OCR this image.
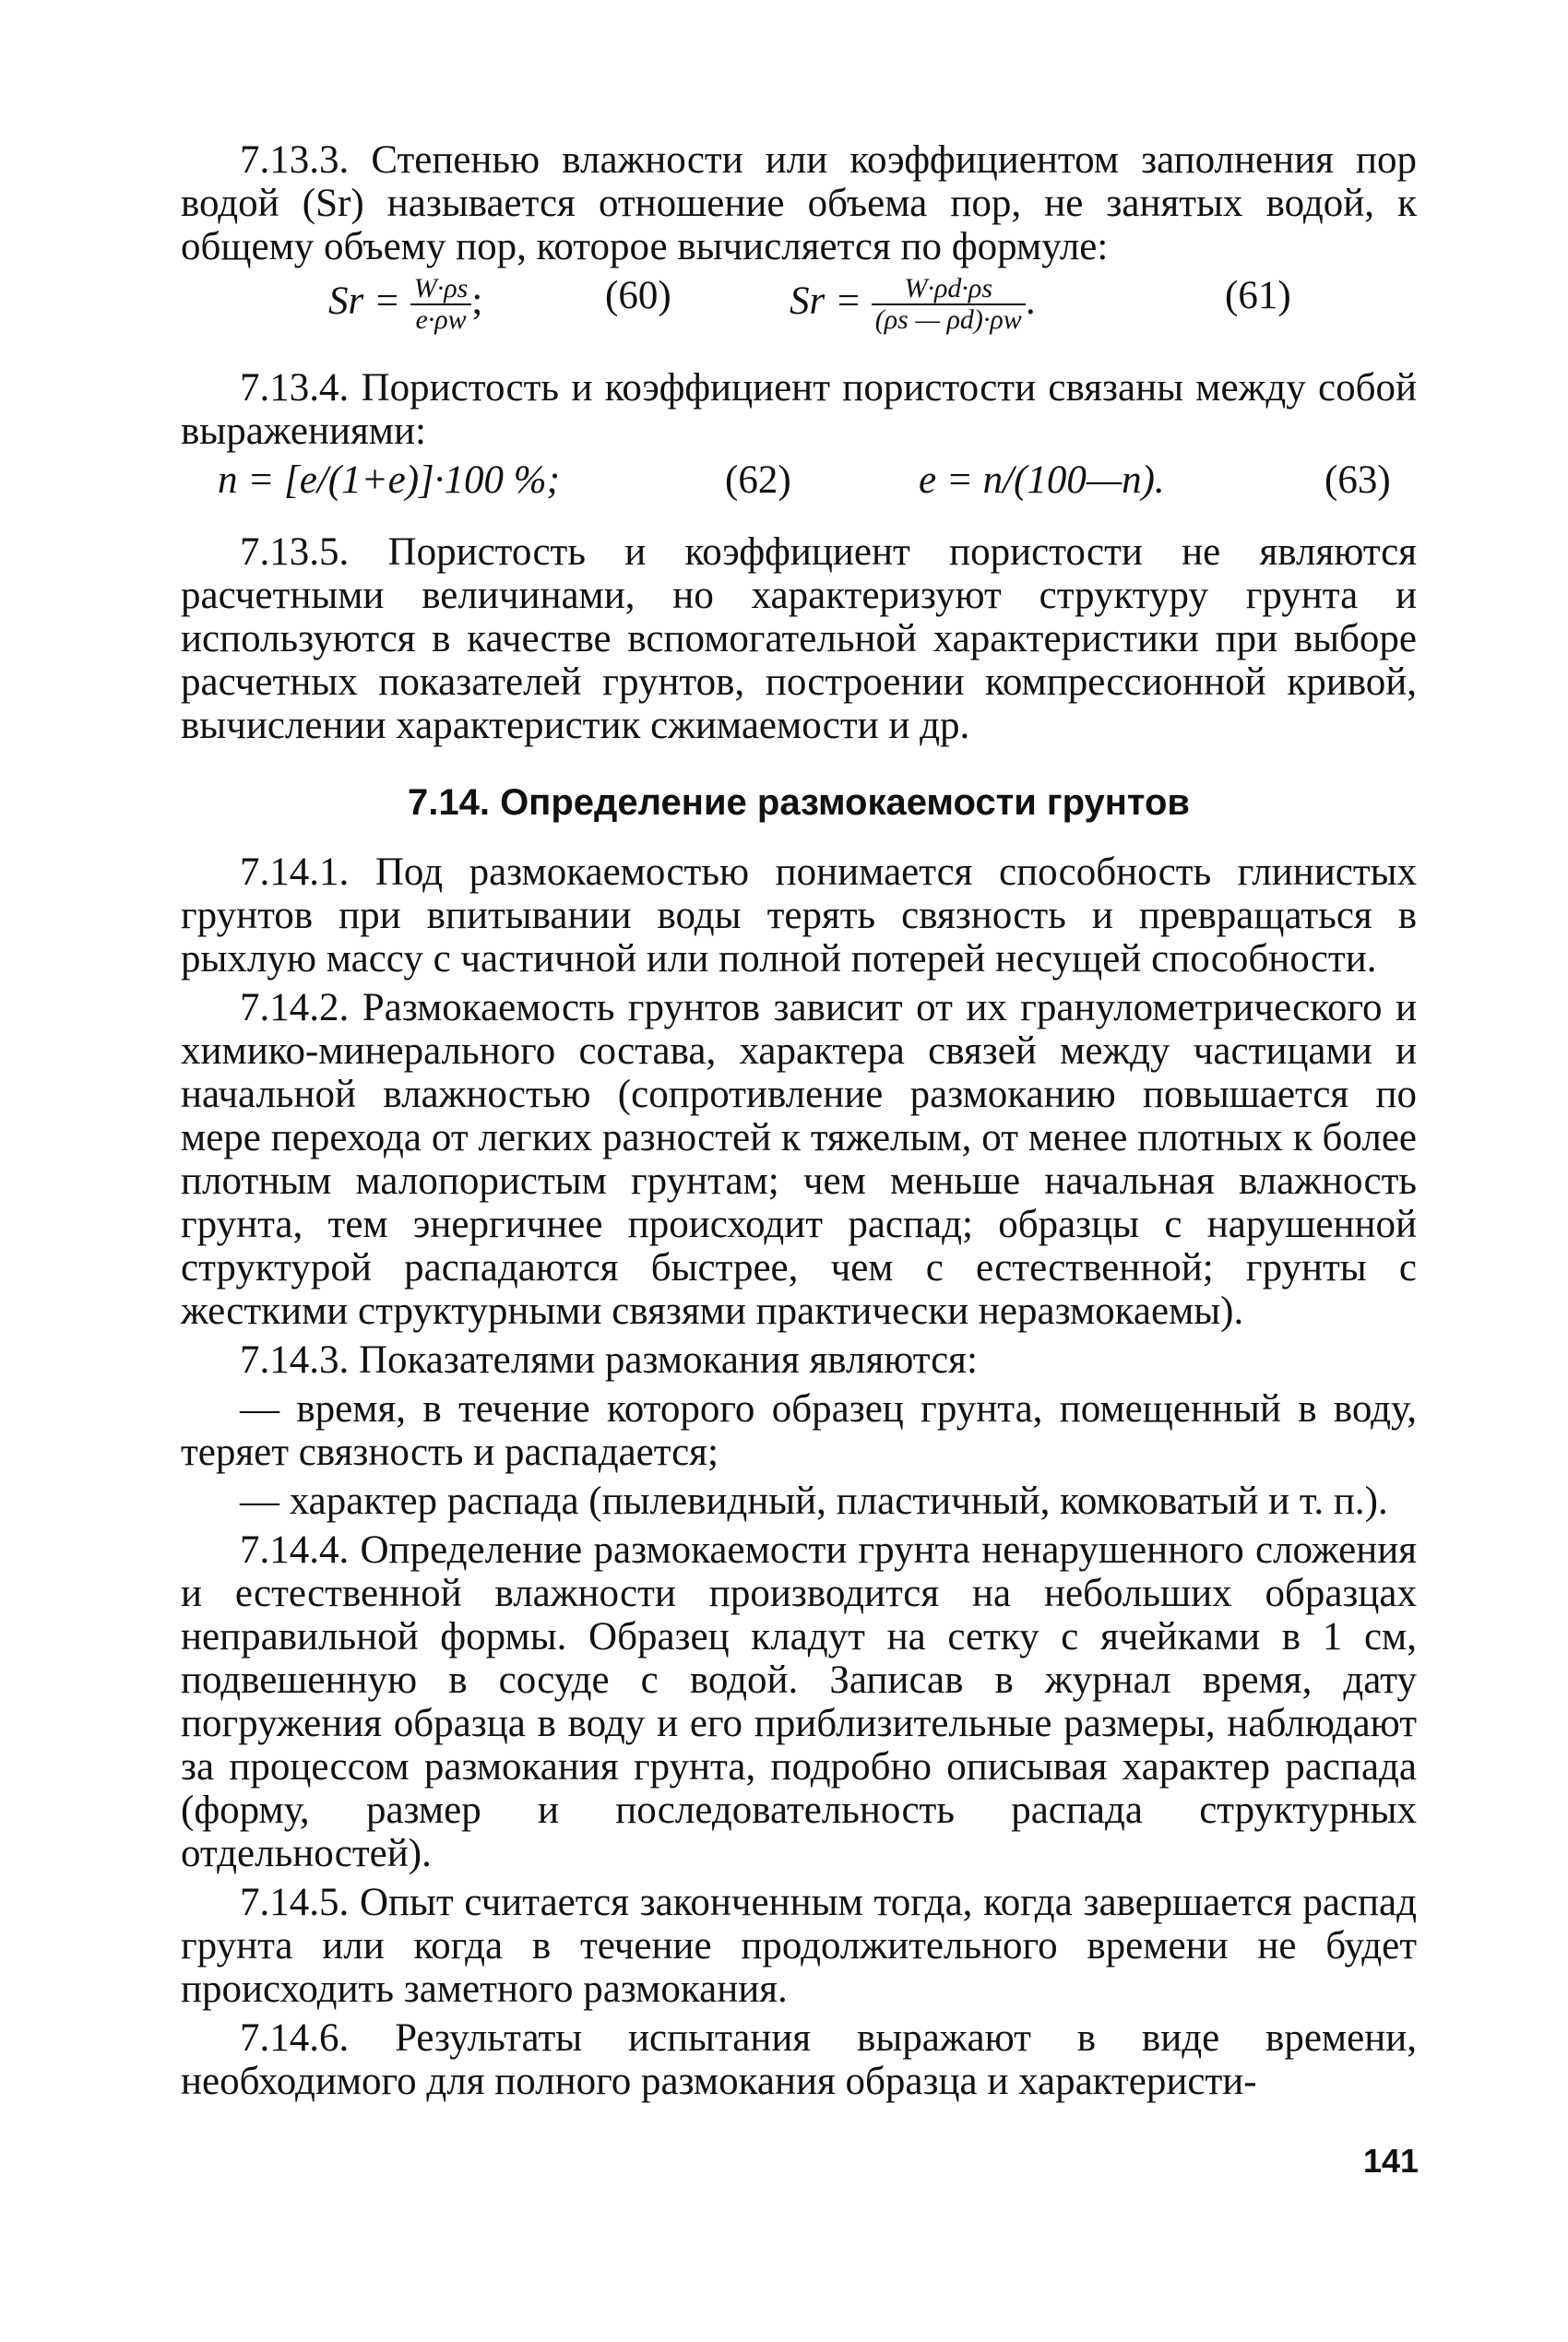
7.13.3. Степенью влажности или коэффициентом заполнения пор водой (Sr) называется отношение объема пор, не занятых водой, к общему объему пор, которое вычисляется по формуле:

$Sr = \frac{W\cdot\rho s}{e\cdot\rho w}$ ;	(60)	$Sr = \frac{W\cdot\rho d\cdot\rho s}{(\rho s — \rho d)\cdot\rho w}$ .	(61)

7.13.4. Пористость и коэффициент пористости связаны между собой выражениями:

n = [e/(1+e)]·100 %;	(62)	e = n/(100—n).	(63)

7.13.5. Пористость и коэффициент пористости не являются расчетными величинами, но характеризуют структуру грунта и используются в качестве вспомогательной характеристики при выборе расчетных показателей грунтов, построении компрессионной кривой, вычислении характеристик сжимаемости и др.

7.14. Определение размокаемости грунтов

7.14.1. Под размокаемостью понимается способность глинистых грунтов при впитывании воды терять связность и превращаться в рыхлую массу с частичной или полной потерей несущей способности.

7.14.2. Размокаемость грунтов зависит от их гранулометрического и химико-минерального состава, характера связей между частицами и начальной влажностью (сопротивление размоканию повышается по мере перехода от легких разностей к тяжелым, от менее плотных к более плотным малопористым грунтам; чем меньше начальная влажность грунта, тем энергичнее происходит распад; образцы с нарушенной структурой распадаются быстрее, чем с естественной; грунты с жесткими структурными связями практически неразмокаемы).

7.14.3. Показателями размокания являются:

— время, в течение которого образец грунта, помещенный в воду, теряет связность и распадается;

— характер распада (пылевидный, пластичный, комковатый и т. п.).

7.14.4. Определение размокаемости грунта ненарушенного сложения и естественной влажности производится на небольших образцах неправильной формы. Образец кладут на сетку с ячейками в 1 см, подвешенную в сосуде с водой. Записав в журнал время, дату погружения образца в воду и его приблизительные размеры, наблюдают за процессом размокания грунта, подробно описывая характер распада (форму, размер и последовательность распада структурных отдельностей).

7.14.5. Опыт считается законченным тогда, когда завершается распад грунта или когда в течение продолжительного времени не будет происходить заметного размокания.

7.14.6. Результаты испытания выражают в виде времени, необходимого для полного размокания образца и характеристи-

141
